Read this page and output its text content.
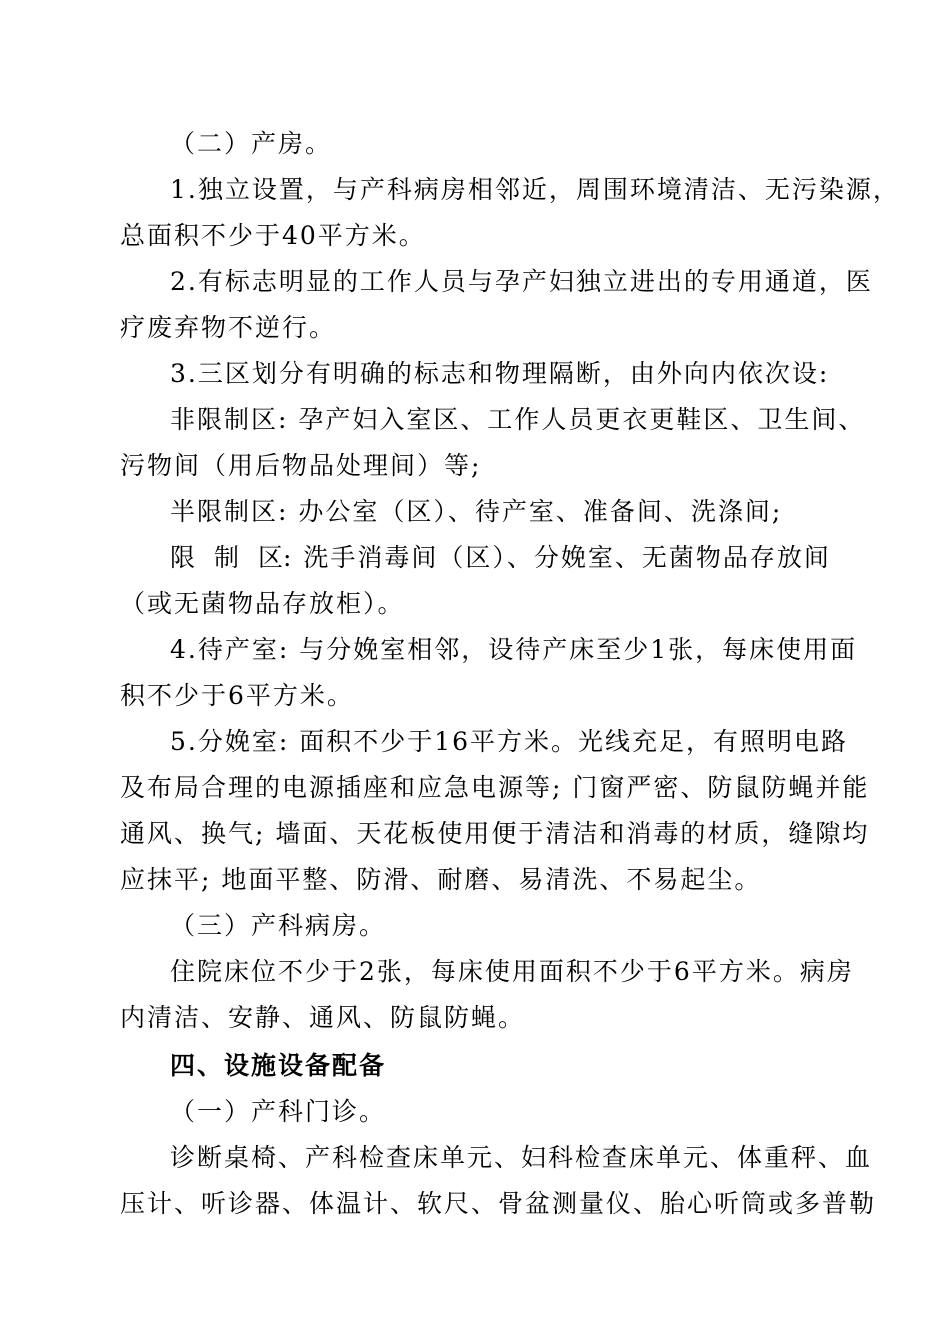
（二）产房。
1.独立设置，与产科病房相邻近，周围环境清洁、无污染源，
总面积不少于40平方米。
2.有标志明显的工作人员与孕产妇独立进出的专用通道，医
疗废弃物不逆行。
3.三区划分有明确的标志和物理隔断，由外向内依次设:
非限制区: 孕产妇入室区、工作人员更衣更鞋区、卫生间、
污物间（用后物品处理间）等;
半限制区: 办公室（区）、待产室、准备间、洗涤间;
限制区: 洗手消毒间（区）、分娩室、无菌物品存放间
（或无菌物品存放柜）。
4.待产室: 与分娩室相邻，设待产床至少1张，每床使用面
积不少于6平方米。
5.分娩室: 面积不少于16平方米。光线充足，有照明电路
及布局合理的电源插座和应急电源等; 门窗严密、防鼠防蝇并能
通风、换气; 墙面、天花板使用便于清洁和消毒的材质，缝隙均
应抹平; 地面平整、防滑、耐磨、易清洗、不易起尘。
（三）产科病房。
住院床位不少于2张，每床使用面积不少于6平方米。病房
内清洁、安静、通风、防鼠防蝇。
四、设施设备配备
（一）产科门诊。
诊断桌椅、产科检查床单元、妇科检查床单元、体重秤、血
压计、听诊器、体温计、软尺、骨盆测量仪、胎心听筒或多普勒
